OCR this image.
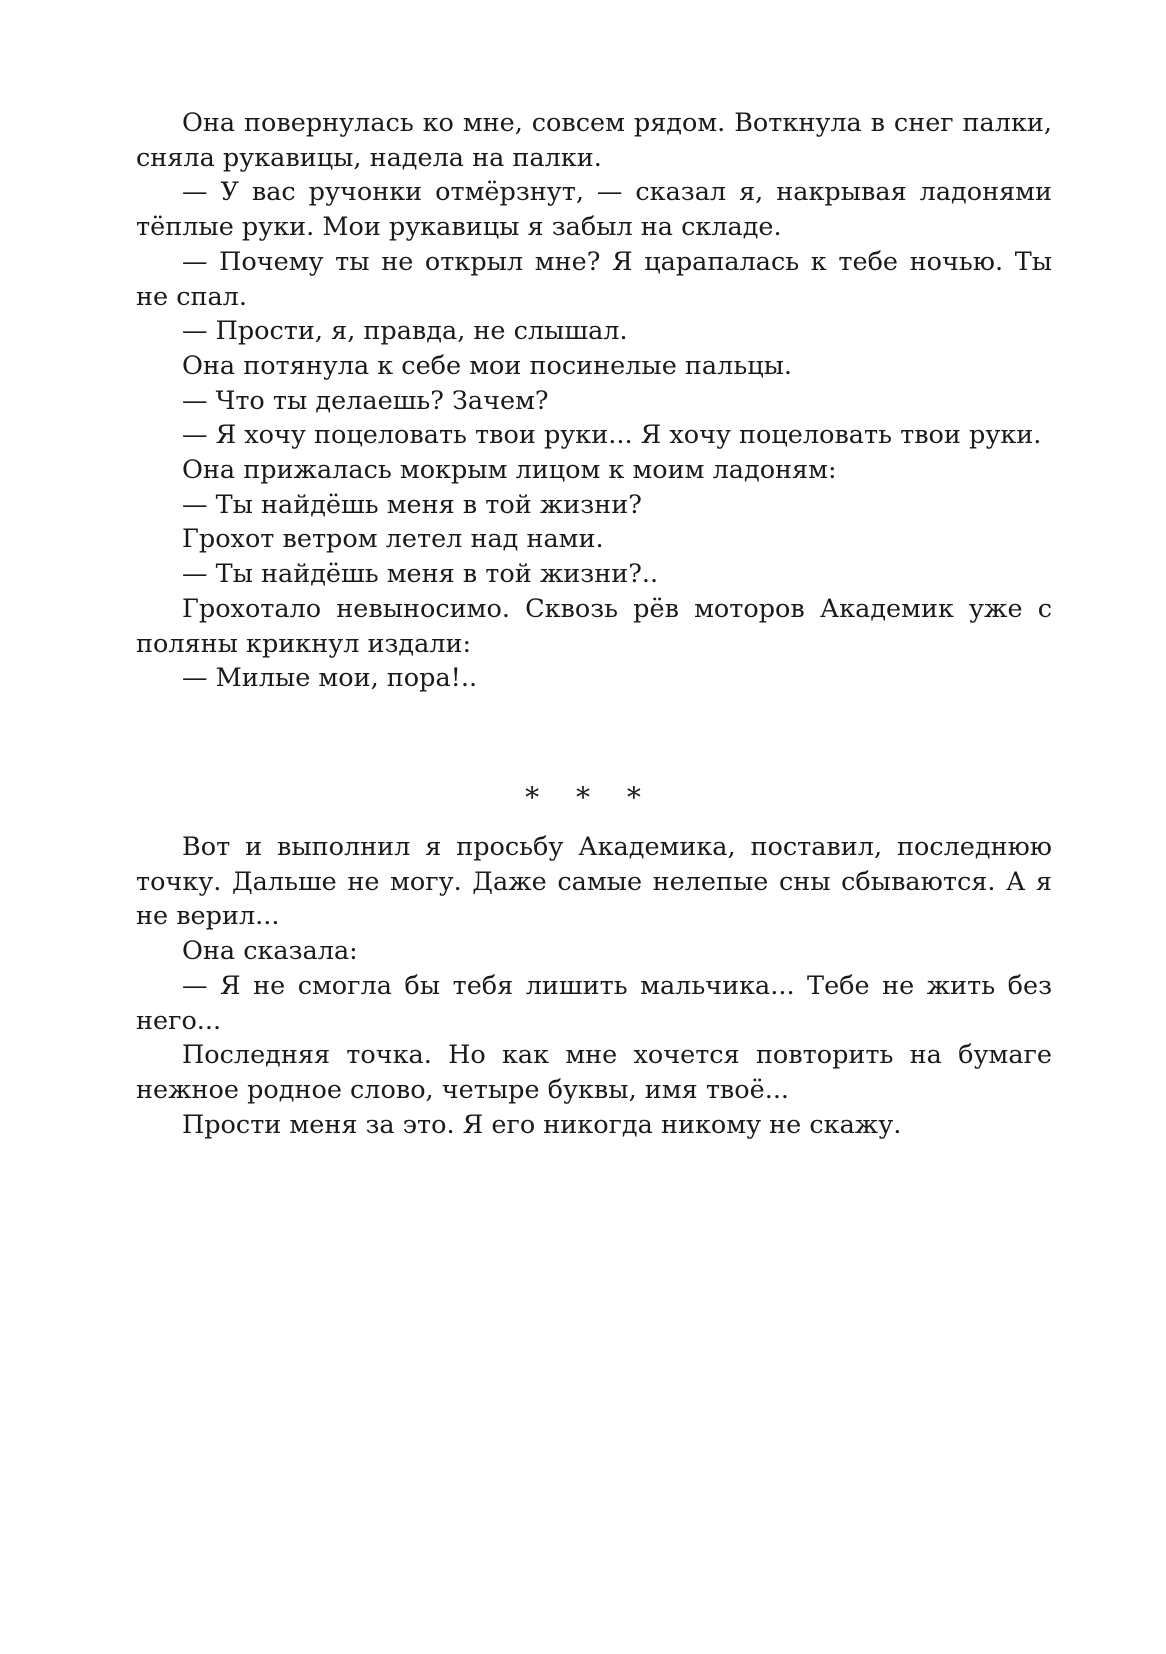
Она повернулась ко мне, совсем рядом. Воткнула в снег палки, сняла рукавицы, надела на палки.

— У вас ручонки отмёрзнут, — сказал я, накрывая ладонями тёплые руки. Мои рукавицы я забыл на складе.

— Почему ты не открыл мне? Я царапалась к тебе ночью. Ты не спал.

— Прости, я, правда, не слышал.

Она потянула к себе мои посинелые пальцы.

— Что ты делаешь? Зачем?

— Я хочу поцеловать твои руки... Я хочу поцеловать твои руки.

Она прижалась мокрым лицом к моим ладоням:

— Ты найдёшь меня в той жизни?

Грохот ветром летел над нами.

— Ты найдёшь меня в той жизни?..

Грохотало невыносимо. Сквозь рёв моторов Академик уже с поляны крикнул издали:

— Милые мои, пора!..

* * *

Вот и выполнил я просьбу Академика, поставил, последнюю точку. Дальше не могу. Даже самые нелепые сны сбываются. А я не верил...

Она сказала:

— Я не смогла бы тебя лишить мальчика... Тебе не жить без него...

Последняя точка. Но как мне хочется повторить на бумаге нежное родное слово, четыре буквы, имя твоё...

Прости меня за это. Я его никогда никому не скажу.
